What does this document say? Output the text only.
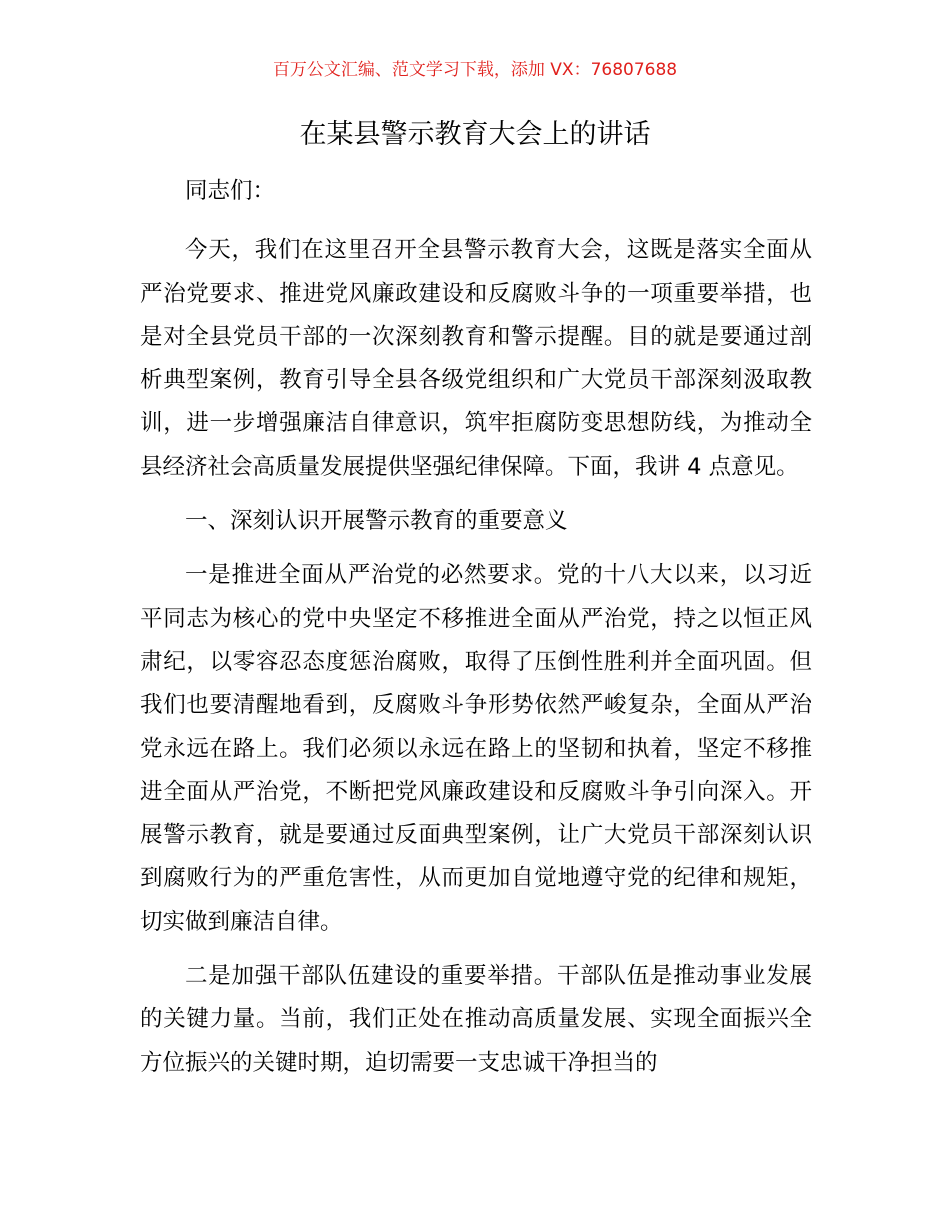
百万公文汇编、范文学习下载，添加 VX：76807688
在某县警示教育大会上的讲话

同志们：

今天，我们在这里召开全县警示教育大会，这既是落实全面从严治党要求、推进党风廉政建设和反腐败斗争的一项重要举措，也是对全县党员干部的一次深刻教育和警示提醒。目的就是要通过剖析典型案例，教育引导全县各级党组织和广大党员干部深刻汲取教训，进一步增强廉洁自律意识，筑牢拒腐防变思想防线，为推动全县经济社会高质量发展提供坚强纪律保障。下面，我讲 4 点意见。

一、深刻认识开展警示教育的重要意义

一是推进全面从严治党的必然要求。党的十八大以来，以习近平同志为核心的党中央坚定不移推进全面从严治党，持之以恒正风肃纪，以零容忍态度惩治腐败，取得了压倒性胜利并全面巩固。但我们也要清醒地看到，反腐败斗争形势依然严峻复杂，全面从严治党永远在路上。我们必须以永远在路上的坚韧和执着，坚定不移推进全面从严治党，不断把党风廉政建设和反腐败斗争引向深入。开展警示教育，就是要通过反面典型案例，让广大党员干部深刻认识到腐败行为的严重危害性，从而更加自觉地遵守党的纪律和规矩，切实做到廉洁自律。

二是加强干部队伍建设的重要举措。干部队伍是推动事业发展的关键力量。当前，我们正处在推动高质量发展、实现全面振兴全方位振兴的关键时期，迫切需要一支忠诚干净担当的
